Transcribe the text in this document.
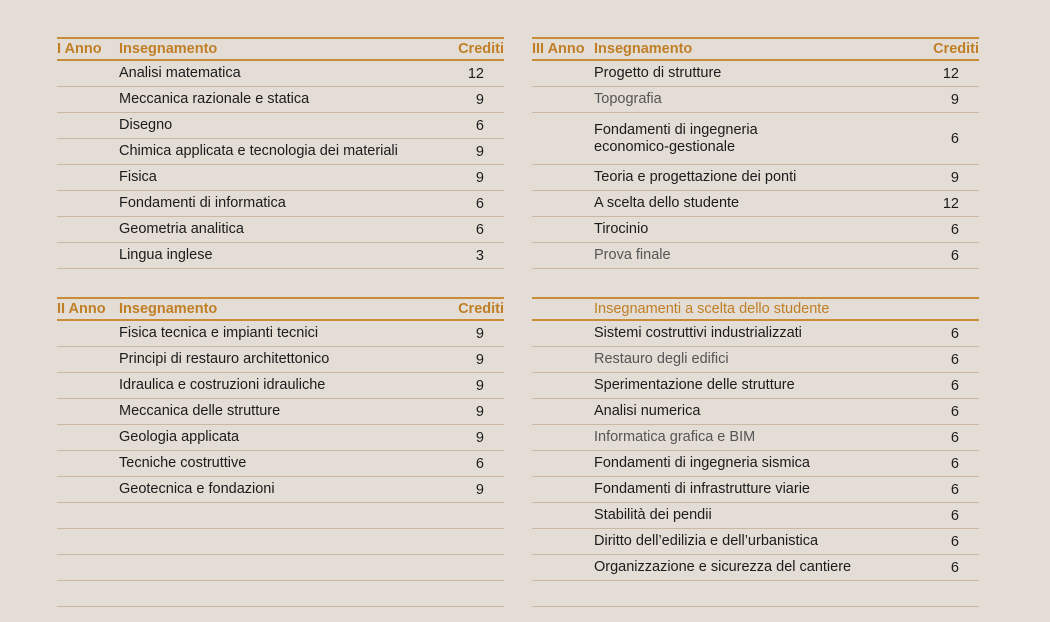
I Anno	Insegnamento	Crediti
Analisi matematica	12
Meccanica razionale e statica	9
Disegno	6
Chimica applicata e tecnologia dei materiali	9
Fisica	9
Fondamenti di informatica	6
Geometria analitica	6
Lingua inglese	3
II Anno Insegnamento	Crediti
Fisica tecnica e impianti tecnici	9
Principi di restauro architettonico	9
Idraulica e costruzioni idrauliche	9
Meccanica delle strutture	9
Geologia applicata	9
Tecniche costruttive	6
Geotecnica e fondazioni	9
III Anno Insegnamento	Crediti
Progetto di strutture	12
Topografia	9
Fondamenti di ingegneria economico-gestionale	6
Teoria e progettazione dei ponti	9
A scelta dello studente	12
Tirocinio	6
Prova finale	6
Insegnamenti a scelta dello studente
Sistemi costruttivi industrializzati	6
Restauro degli edifici	6
Sperimentazione delle strutture	6
Analisi numerica	6
Informatica grafica e BIM	6
Fondamenti di ingegneria sismica	6
Fondamenti di infrastrutture viarie	6
Stabilità dei pendii	6
Diritto dell’edilizia e dell’urbanistica	6
Organizzazione e sicurezza del cantiere	6
